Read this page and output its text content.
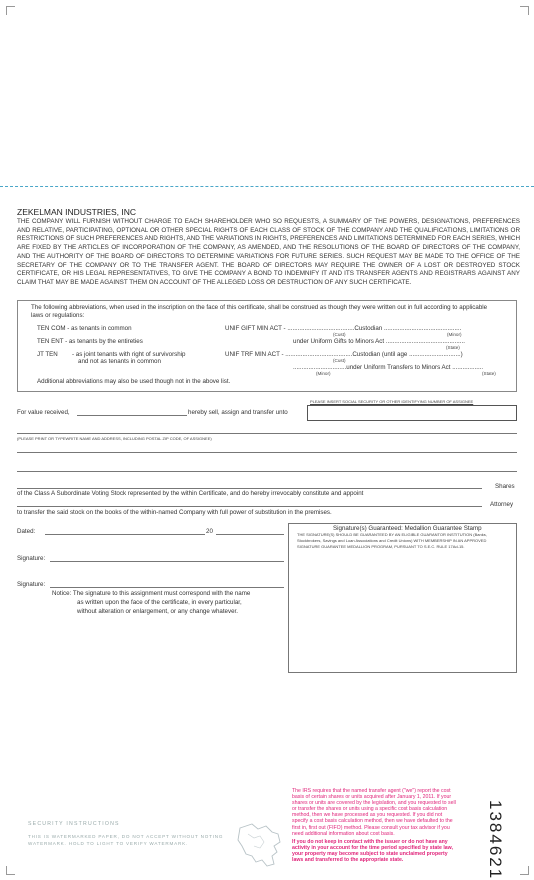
ZEKELMAN INDUSTRIES, INC
THE COMPANY WILL FURNISH WITHOUT CHARGE TO EACH SHAREHOLDER WHO SO REQUESTS, A SUMMARY OF THE POWERS, DESIGNATIONS, PREFERENCES AND RELATIVE, PARTICIPATING, OPTIONAL OR OTHER SPECIAL RIGHTS OF EACH CLASS OF STOCK OF THE COMPANY AND THE QUALIFICATIONS, LIMITATIONS OR RESTRICTIONS OF SUCH PREFERENCES AND RIGHTS, AND THE VARIATIONS IN RIGHTS, PREFERENCES AND LIMITATIONS DETERMINED FOR EACH SERIES, WHICH ARE FIXED BY THE ARTICLES OF INCORPORATION OF THE COMPANY, AS AMENDED, AND THE RESOLUTIONS OF THE BOARD OF DIRECTORS OF THE COMPANY, AND THE AUTHORITY OF THE BOARD OF DIRECTORS TO DETERMINE VARIATIONS FOR FUTURE SERIES. SUCH REQUEST MAY BE MADE TO THE OFFICE OF THE SECRETARY OF THE COMPANY OR TO THE TRANSFER AGENT. THE BOARD OF DIRECTORS MAY REQUIRE THE OWNER OF A LOST OR DESTROYED STOCK CERTIFICATE, OR HIS LEGAL REPRESENTATIVES, TO GIVE THE COMPANY A BOND TO INDEMNIFY IT AND ITS TRANSFER AGENTS AND REGISTRARS AGAINST ANY CLAIM THAT MAY BE MADE AGAINST THEM ON ACCOUNT OF THE ALLEGED LOSS OR DESTRUCTION OF ANY SUCH CERTIFICATE.
The following abbreviations, when used in the inscription on the face of this certificate, shall be construed as though they were written out in full according to applicable laws or regulations:
TEN COM - as tenants in common
TEN ENT - as tenants by the entireties
JT TEN - as joint tenants with right of survivorship
and not as tenants in common
UNIF GIFT MIN ACT - .......................................Custodian .............................................
(Cust)	(Minor)
under Uniform Gifts to Minors Act ..............................................
(State)
UNIF TRF MIN ACT - .......................................Custodian (until age ..............................)
(Cust)
...............................under Uniform Transfers to Minors Act ..................
(Minor)	(State)
Additional abbreviations may also be used though not in the above list.
PLEASE INSERT SOCIAL SECURITY OR OTHER IDENTIFYING NUMBER OF ASSIGNEE
For value received,	hereby sell, assign and transfer unto
(PLEASE PRINT OR TYPEWRITE NAME AND ADDRESS, INCLUDING POSTAL ZIP CODE, OF ASSIGNEE)
Shares
of the Class A Subordinate Voting Stock represented by the within Certificate, and do hereby irrevocably constitute and appoint
Attorney
to transfer the said stock on the books of the within-named Company with full power of substitution in the premises.
Dated:	20
Signature:
Signature:
Notice: The signature to this assignment must correspond with the name
as written upon the face of the certificate, in every particular,
without alteration or enlargement, or any change whatever.
Signature(s) Guaranteed: Medallion Guarantee Stamp
THE SIGNATURE(S) SHOULD BE GUARANTEED BY AN ELIGIBLE GUARANTOR INSTITUTION (Banks,
Stockbrokers, Savings and Loan Associations and Credit Unions) WITH MEMBERSHIP IN AN APPROVED
SIGNATURE GUARANTEE MEDALLION PROGRAM, PURSUANT TO S.E.C. RULE 17Ad-15.
The IRS requires that the named transfer agent ("we") report the cost
basis of certain shares or units acquired after January 1, 2011. If your
shares or units are covered by the legislation, and you requested to sell
or transfer the shares or units using a specific cost basis calculation
method, then we have processed as you requested. If you did not
specify a cost basis calculation method, then we have defaulted to the
first in, first out (FIFO) method. Please consult your tax advisor if you
need additional information about cost basis.
If you do not keep in contact with the issuer or do not have any
activity in your account for the time period specified by state law,
your property may become subject to state unclaimed property
laws and transferred to the appropriate state.
SECURITY INSTRUCTIONS
THIS IS WATERMARKED PAPER, DO NOT ACCEPT WITHOUT NOTING
WATERMARK. HOLD TO LIGHT TO VERIFY WATERMARK.	1384621
